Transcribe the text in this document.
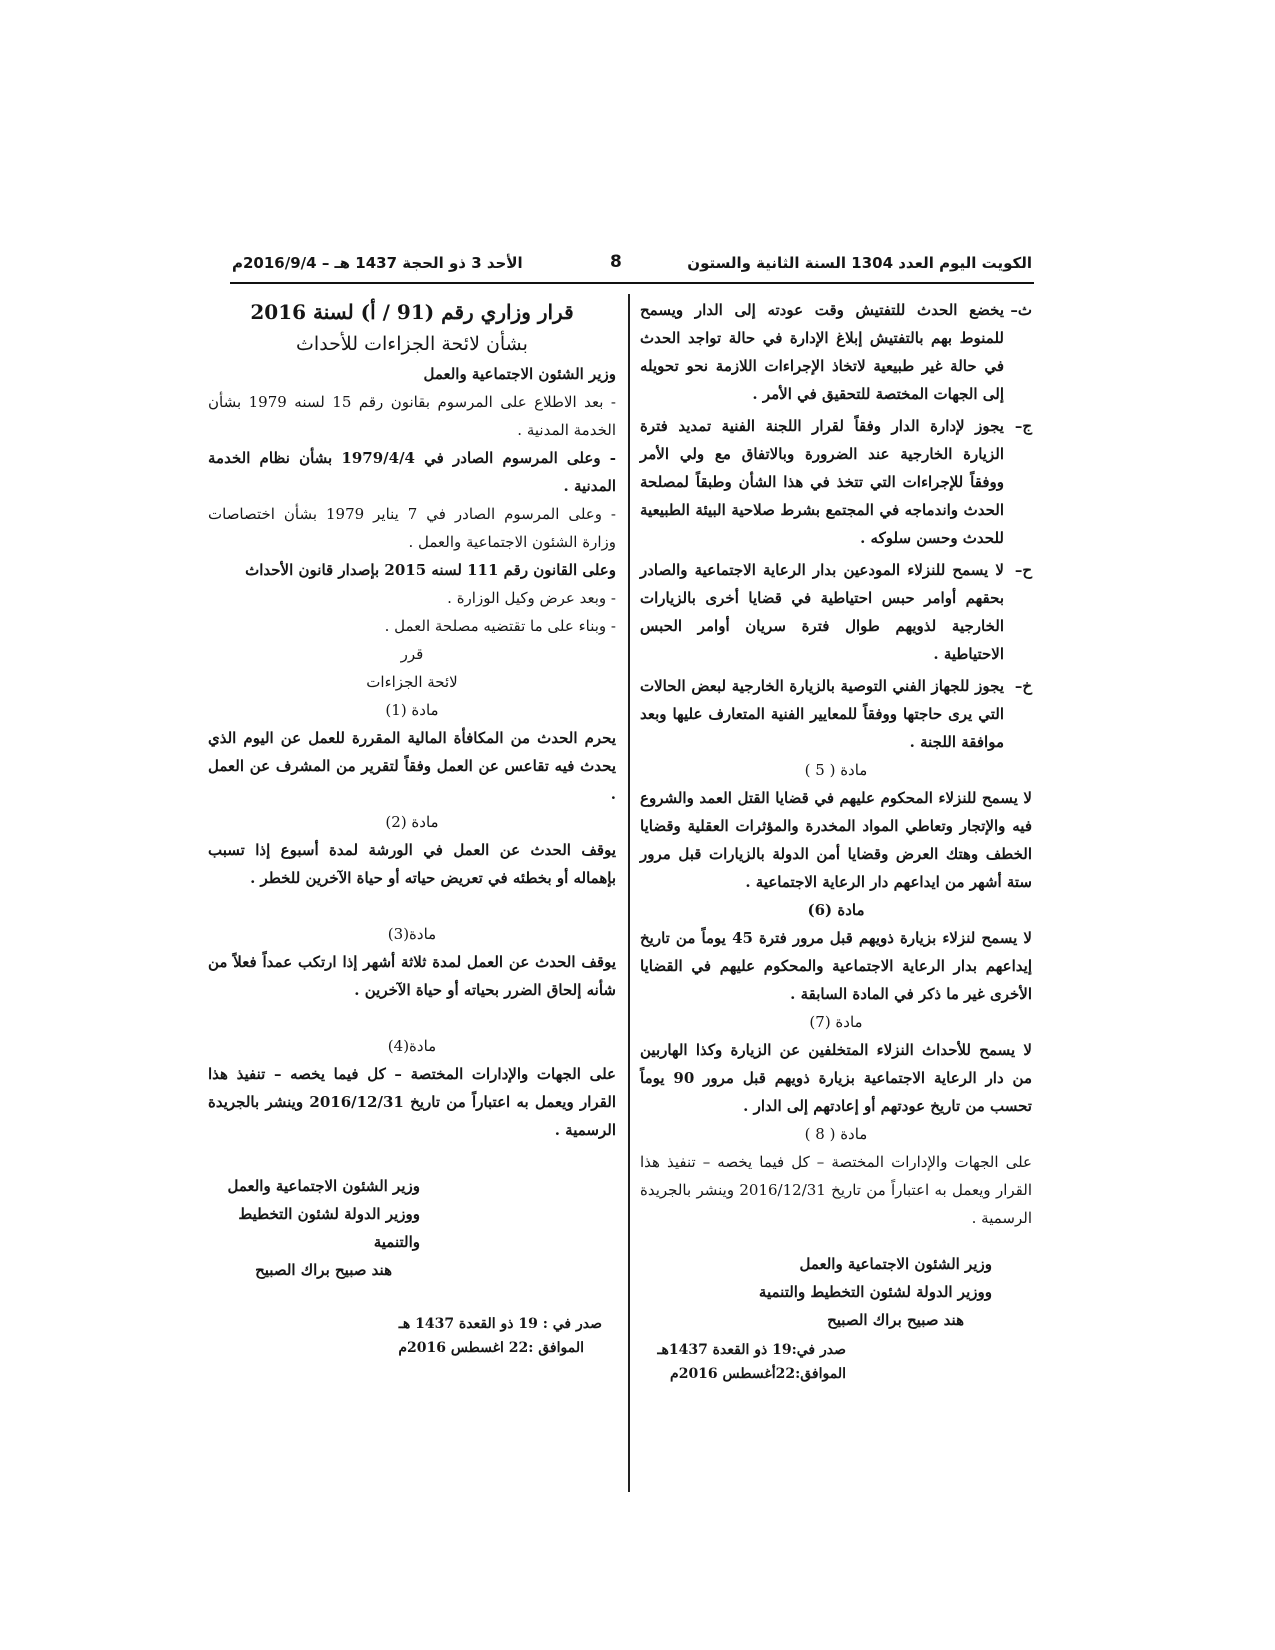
الكويت اليوم العدد 1304 السنة الثانية والستون
8
الأحد 3 ذو الحجة 1437 هـ – 2016/9/4م

ث–
يخضع الحدث للتفتيش وقت عودته إلى الدار ويسمح للمنوط بهم بالتفتيش إبلاغ الإدارة في حالة تواجد الحدث في حالة غير طبيعية لاتخاذ الإجراءات اللازمة نحو تحويله إلى الجهات المختصة للتحقيق في الأمر .

ج–
يجوز لإدارة الدار وفقاً لقرار اللجنة الفنية تمديد فترة الزيارة الخارجية عند الضرورة وبالاتفاق مع ولي الأمر ووفقاً للإجراءات التي تتخذ في هذا الشأن وطبقاً لمصلحة الحدث واندماجه في المجتمع بشرط صلاحية البيئة الطبيعية للحدث وحسن سلوكه .

ح–
لا يسمح للنزلاء المودعين بدار الرعاية الاجتماعية والصادر بحقهم أوامر حبس احتياطية في قضايا أخرى بالزيارات الخارجية لذويهم طوال فترة سريان أوامر الحبس الاحتياطية .

خ–
يجوز للجهاز الفني التوصية بالزيارة الخارجية لبعض الحالات التي يرى حاجتها ووفقاً للمعايير الفنية المتعارف عليها وبعد موافقة اللجنة .

مادة ( 5 )

لا يسمح للنزلاء المحكوم عليهم في قضايا القتل العمد والشروع فيه والإتجار وتعاطي المواد المخدرة والمؤثرات العقلية وقضايا الخطف وهتك العرض وقضايا أمن الدولة بالزيارات قبل مرور ستة أشهر من ايداعهم دار الرعاية الاجتماعية .

مادة (6)

لا يسمح لنزلاء بزيارة ذويهم قبل مرور فترة 45 يوماً من تاريخ إيداعهم بدار الرعاية الاجتماعية والمحكوم عليهم في القضايا الأخرى غير ما ذكر في المادة السابقة .

مادة (7)

لا يسمح للأحداث النزلاء المتخلفين عن الزيارة وكذا الهاربين من دار الرعاية الاجتماعية بزيارة ذويهم قبل مرور 90 يوماً تحسب من تاريخ عودتهم أو إعادتهم إلى الدار .

مادة ( 8 )

على الجهات والإدارات المختصة – كل فيما يخصه – تنفيذ هذا القرار ويعمل به اعتباراً من تاريخ 2016/12/31 وينشر بالجريدة الرسمية .

وزير الشئون الاجتماعية والعمل

ووزير الدولة لشئون التخطيط والتنمية

هند صبيح براك الصبيح

صدر في:19 ذو القعدة 1437هـ

الموافق:22أغسطس 2016م

قرار وزاري رقم (91 / أ) لسنة 2016

بشأن لائحة الجزاءات للأحداث

وزير الشئون الاجتماعية والعمل

- بعد الاطلاع على المرسوم بقانون رقم 15 لسنه 1979 بشأن الخدمة المدنية .

- وعلى المرسوم الصادر في 1979/4/4 بشأن نظام الخدمة المدنية .

- وعلى المرسوم الصادر في 7 يناير 1979 بشأن اختصاصات وزارة الشئون الاجتماعية والعمل .

وعلى القانون رقم 111 لسنه 2015 بإصدار قانون الأحداث

- وبعد عرض وكيل الوزارة .

- وبناء على ما تقتضيه مصلحة العمل .

قرر

لائحة الجزاءات

مادة (1)

يحرم الحدث من المكافأة المالية المقررة للعمل عن اليوم الذي يحدث فيه تقاعس عن العمل وفقاً لتقرير من المشرف عن العمل .

مادة (2)

يوقف الحدث عن العمل في الورشة لمدة أسبوع إذا تسبب بإهماله أو بخطئه في تعريض حياته أو حياة الآخرين للخطر .

مادة(3)

يوقف الحدث عن العمل لمدة ثلاثة أشهر إذا ارتكب عمداً فعلاً من شأنه إلحاق الضرر بحياته أو حياة الآخرين .

مادة(4)

على الجهات والإدارات المختصة – كل فيما يخصه – تنفيذ هذا القرار ويعمل به اعتباراً من تاريخ 2016/12/31 وينشر بالجريدة الرسمية .

وزير الشئون الاجتماعية والعمل

ووزير الدولة لشئون التخطيط والتنمية

هند صبيح براك الصبيح

صدر في : 19 ذو القعدة 1437 هـ

الموافق :22 اغسطس 2016م
